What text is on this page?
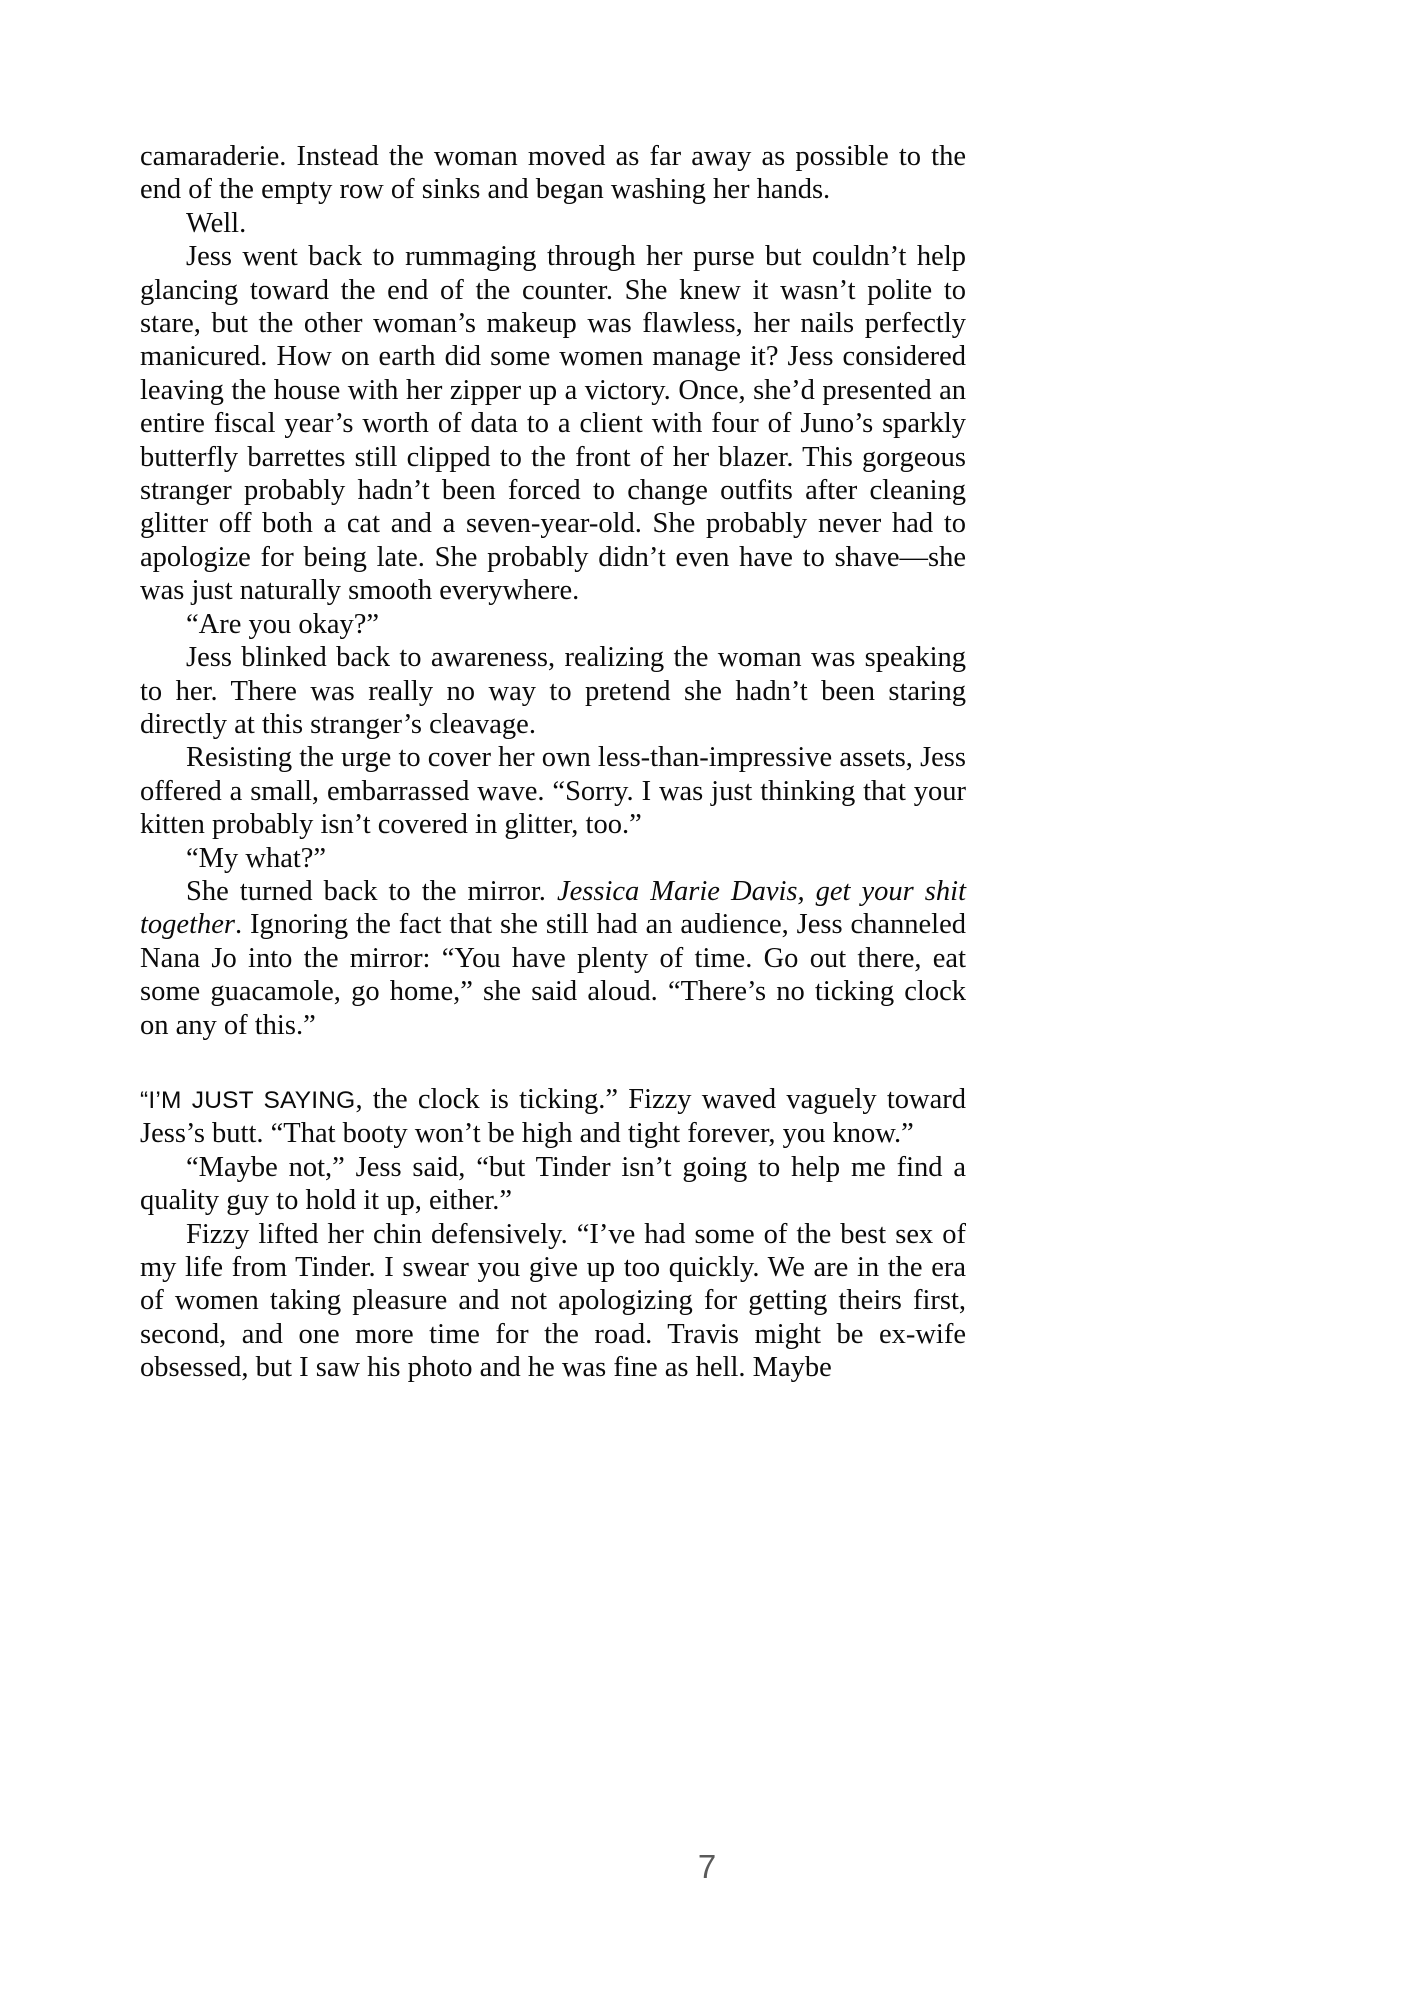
camaraderie. Instead the woman moved as far away as possible to the end of the empty row of sinks and began washing her hands.

Well.

Jess went back to rummaging through her purse but couldn’t help glancing toward the end of the counter. She knew it wasn’t polite to stare, but the other woman’s makeup was flawless, her nails perfectly manicured. How on earth did some women manage it? Jess considered leaving the house with her zipper up a victory. Once, she’d presented an entire fiscal year’s worth of data to a client with four of Juno’s sparkly butterfly barrettes still clipped to the front of her blazer. This gorgeous stranger probably hadn’t been forced to change outfits after cleaning glitter off both a cat and a seven-year-old. She probably never had to apologize for being late. She probably didn’t even have to shave—she was just naturally smooth everywhere.

“Are you okay?”

Jess blinked back to awareness, realizing the woman was speaking to her. There was really no way to pretend she hadn’t been staring directly at this stranger’s cleavage.

Resisting the urge to cover her own less-than-impressive assets, Jess offered a small, embarrassed wave. “Sorry. I was just thinking that your kitten probably isn’t covered in glitter, too.”

“My what?”

She turned back to the mirror. Jessica Marie Davis, get your shit together. Ignoring the fact that she still had an audience, Jess channeled Nana Jo into the mirror: “You have plenty of time. Go out there, eat some guacamole, go home,” she said aloud. “There’s no ticking clock on any of this.”

“I’M JUST SAYING, the clock is ticking.” Fizzy waved vaguely toward Jess’s butt. “That booty won’t be high and tight forever, you know.”

“Maybe not,” Jess said, “but Tinder isn’t going to help me find a quality guy to hold it up, either.”

Fizzy lifted her chin defensively. “I’ve had some of the best sex of my life from Tinder. I swear you give up too quickly. We are in the era of women taking pleasure and not apologizing for getting theirs first, second, and one more time for the road. Travis might be ex-wife obsessed, but I saw his photo and he was fine as hell. Maybe

7
